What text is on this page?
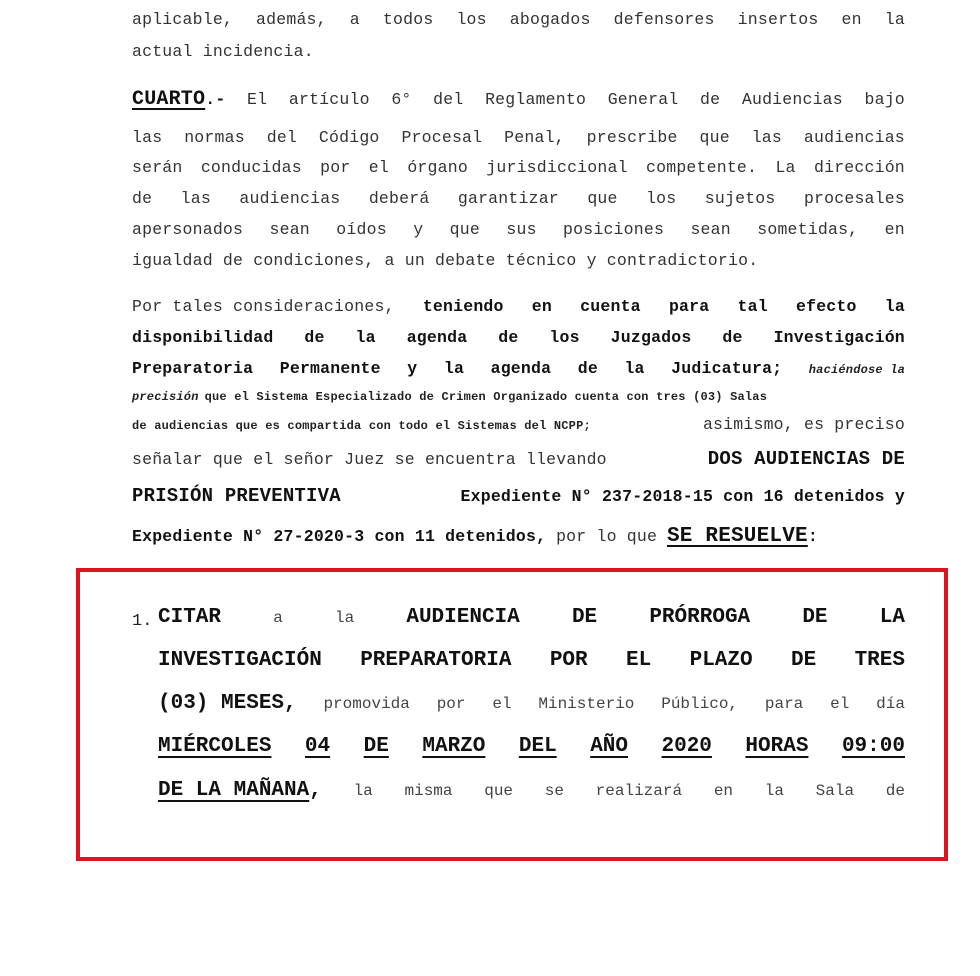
aplicable, además, a todos los abogados defensores insertos en la
actual incidencia.
CUARTO.- El artículo 6° del Reglamento General de Audiencias bajo
las normas del Código Procesal Penal, prescribe que las audiencias
serán conducidas por el órgano jurisdiccional competente. La dirección
de las audiencias deberá garantizar que los sujetos procesales
apersonados sean oídos y que sus posiciones sean sometidas, en
igualdad de condiciones, a un debate técnico y contradictorio.
Por tales consideraciones, teniendo en cuenta para tal efecto la
disponibilidad de la agenda de los Juzgados de Investigación
Preparatoria Permanente y la agenda de la Judicatura; haciéndose la
precisión que el Sistema Especializado de Crimen Organizado cuenta con tres (03) Salas
de audiencias que es compartida con todo el Sistemas del NCPP;	asimismo, es preciso
señalar que el señor Juez se encuentra llevando	DOS AUDIENCIAS DE
PRISIÓN PREVENTIVA	Expediente N° 237-2018-15 con 16 detenidos y
Expediente N° 27-2020-3 con 11 detenidos, por lo que SE RESUELVE:
1. CITAR	a	la AUDIENCIA DE PRÓRROGA DE LA
INVESTIGACIÓN PREPARATORIA POR EL PLAZO DE TRES
(03) MESES, promovida por el Ministerio Público, para el día
MIÉRCOLES 04 DE MARZO DEL AÑO 2020 HORAS 09:00
DE LA MAÑANA, la misma que se realizará en la Sala de
